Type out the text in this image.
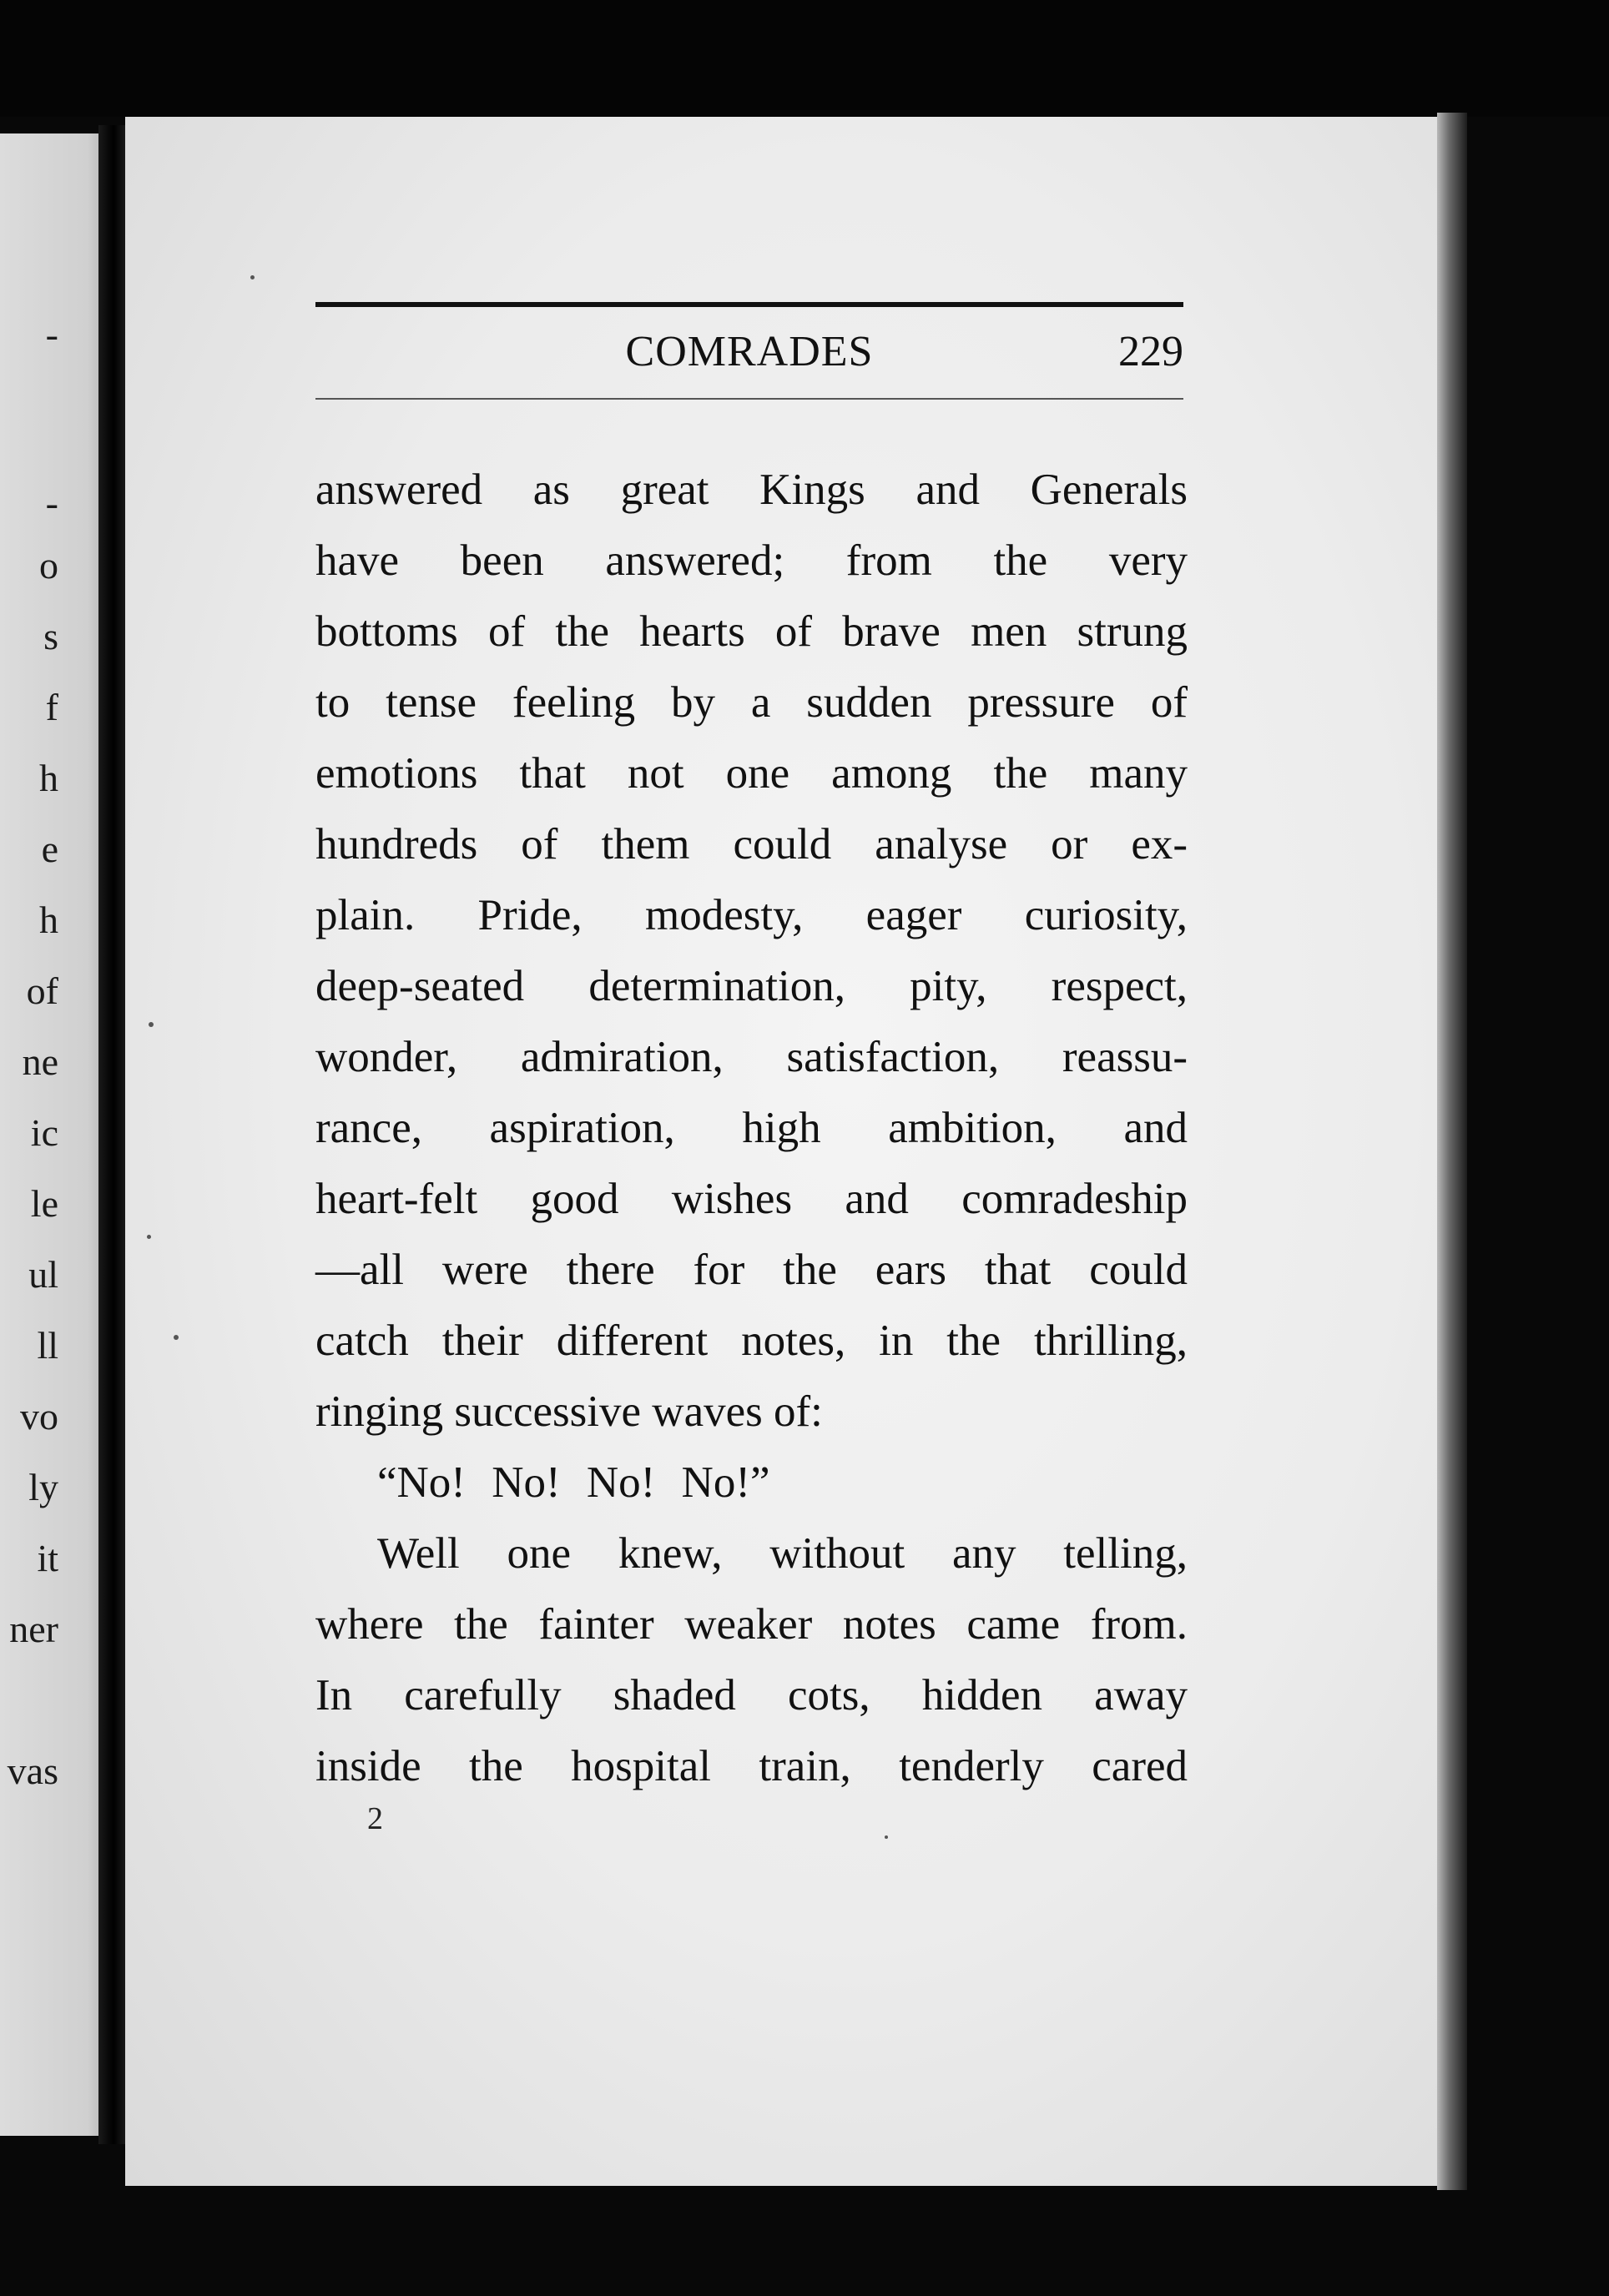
-
-
o
s
f
h
e
h
of
ne
ic
le
ul
ll
vo
ly
it
ner
vas
COMRADES	229
answered as great Kings and Generals
have been answered; from the very
bottoms of the hearts of brave men strung
to tense feeling by a sudden pressure of
emotions that not one among the many
hundreds of them could analyse or ex-
plain. Pride, modesty, eager curiosity,
deep-seated determination, pity, respect,
wonder, admiration, satisfaction, reassu-
rance, aspiration, high ambition, and
heart-felt good wishes and comradeship
—all were there for the ears that could
catch their different notes, in the thrilling,
ringing successive waves of:
“No! No! No! No!”
Well one knew, without any telling,
where the fainter weaker notes came from.
In carefully shaded cots, hidden away
inside the hospital train, tenderly cared
2
